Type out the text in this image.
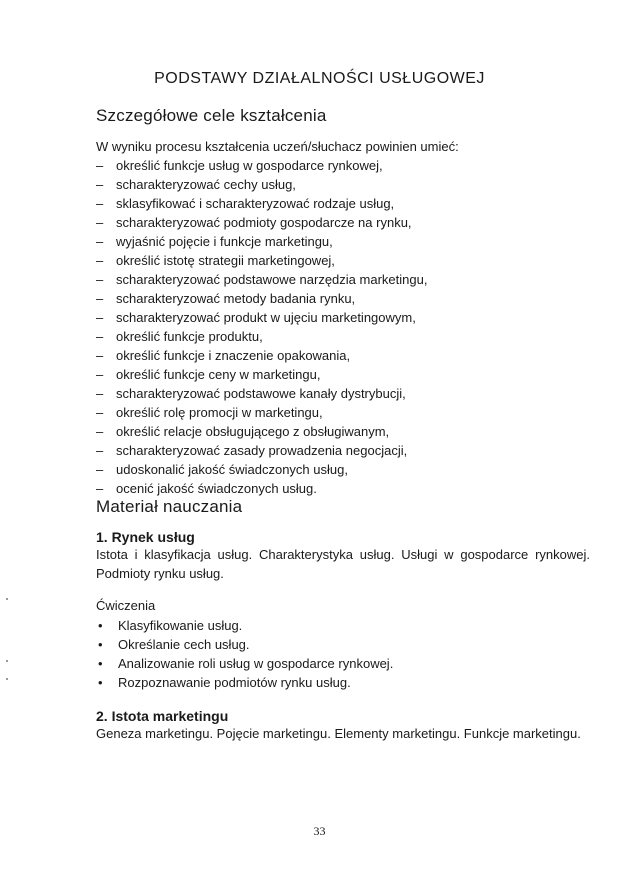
PODSTAWY DZIAŁALNOŚCI USŁUGOWEJ
Szczegółowe cele kształcenia
W wyniku procesu kształcenia uczeń/słuchacz powinien umieć:
– określić funkcje usług w gospodarce rynkowej,
– scharakteryzować cechy usług,
– sklasyfikować i scharakteryzować rodzaje usług,
– scharakteryzować podmioty gospodarcze na rynku,
– wyjaśnić pojęcie i funkcje marketingu,
– określić istotę strategii marketingowej,
– scharakteryzować podstawowe narzędzia marketingu,
– scharakteryzować metody badania rynku,
– scharakteryzować produkt w ujęciu marketingowym,
– określić funkcje produktu,
– określić funkcje i znaczenie opakowania,
– określić funkcje ceny w marketingu,
– scharakteryzować podstawowe kanały dystrybucji,
– określić rolę promocji w marketingu,
– określić relacje obsługującego z obsługiwanym,
– scharakteryzować zasady prowadzenia negocjacji,
– udoskonalić jakość świadczonych usług,
– ocenić jakość świadczonych usług.
Materiał nauczania
1. Rynek usług
Istota i klasyfikacja usług. Charakterystyka usług. Usługi w gospodarce rynkowej. Podmioty rynku usług.
Ćwiczenia
•	Klasyfikowanie usług.
•	Określanie cech usług.
•	Analizowanie roli usług w gospodarce rynkowej.
•	Rozpoznawanie podmiotów rynku usług.
2. Istota marketingu
Geneza marketingu. Pojęcie marketingu. Elementy marketingu. Funkcje marketingu.
33
